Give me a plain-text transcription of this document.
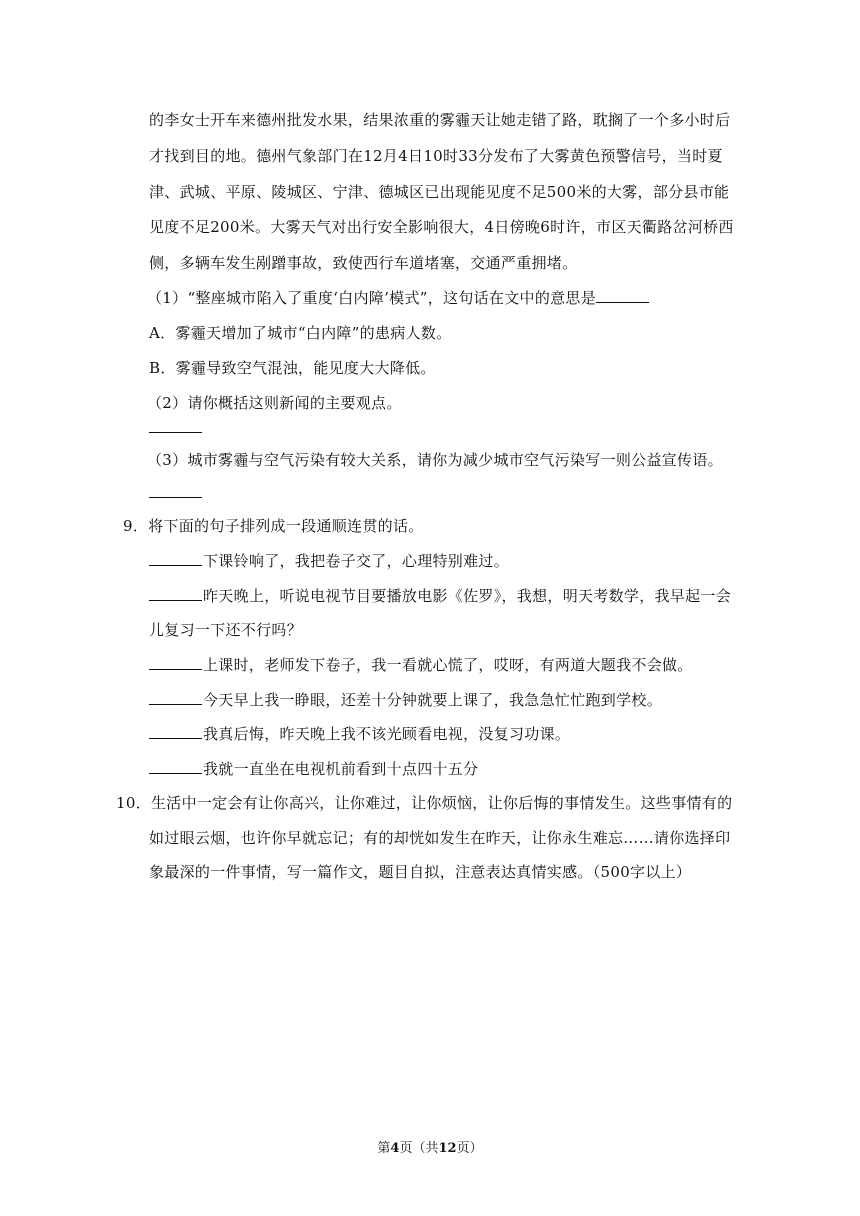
的李女士开车来德州批发水果，结果浓重的雾霾天让她走错了路，耽搁了一个多小时后
才找到目的地。德州气象部门在12月4日10时33分发布了大雾黄色预警信号，当时夏
津、武城、平原、陵城区、宁津、德城区已出现能见度不足500米的大雾，部分县市能
见度不足200米。大雾天气对出行安全影响很大，4日傍晚6时许，市区天衢路岔河桥西
侧，多辆车发生剐蹭事故，致使西行车道堵塞，交通严重拥堵。
（1）“整座城市陷入了重度‘白内障’模式”，这句话在文中的意思是
A．雾霾天增加了城市“白内障”的患病人数。
B．雾霾导致空气混浊，能见度大大降低。
（2）请你概括这则新闻的主要观点。
（3）城市雾霾与空气污染有较大关系，请你为减少城市空气污染写一则公益宣传语。
9．将下面的句子排列成一段通顺连贯的话。
下课铃响了，我把卷子交了，心理特别难过。
昨天晚上，听说电视节目要播放电影《佐罗》，我想，明天考数学，我早起一会
儿复习一下还不行吗？
上课时，老师发下卷子，我一看就心慌了，哎呀，有两道大题我不会做。
今天早上我一睁眼，还差十分钟就要上课了，我急急忙忙跑到学校。
我真后悔，昨天晚上我不该光顾看电视，没复习功课。
我就一直坐在电视机前看到十点四十五分
10．生活中一定会有让你高兴，让你难过，让你烦恼，让你后悔的事情发生。这些事情有的
如过眼云烟，也许你早就忘记；有的却恍如发生在昨天，让你永生难忘……请你选择印
象最深的一件事情，写一篇作文，题目自拟，注意表达真情实感。（500字以上）
第4页（共12页）
